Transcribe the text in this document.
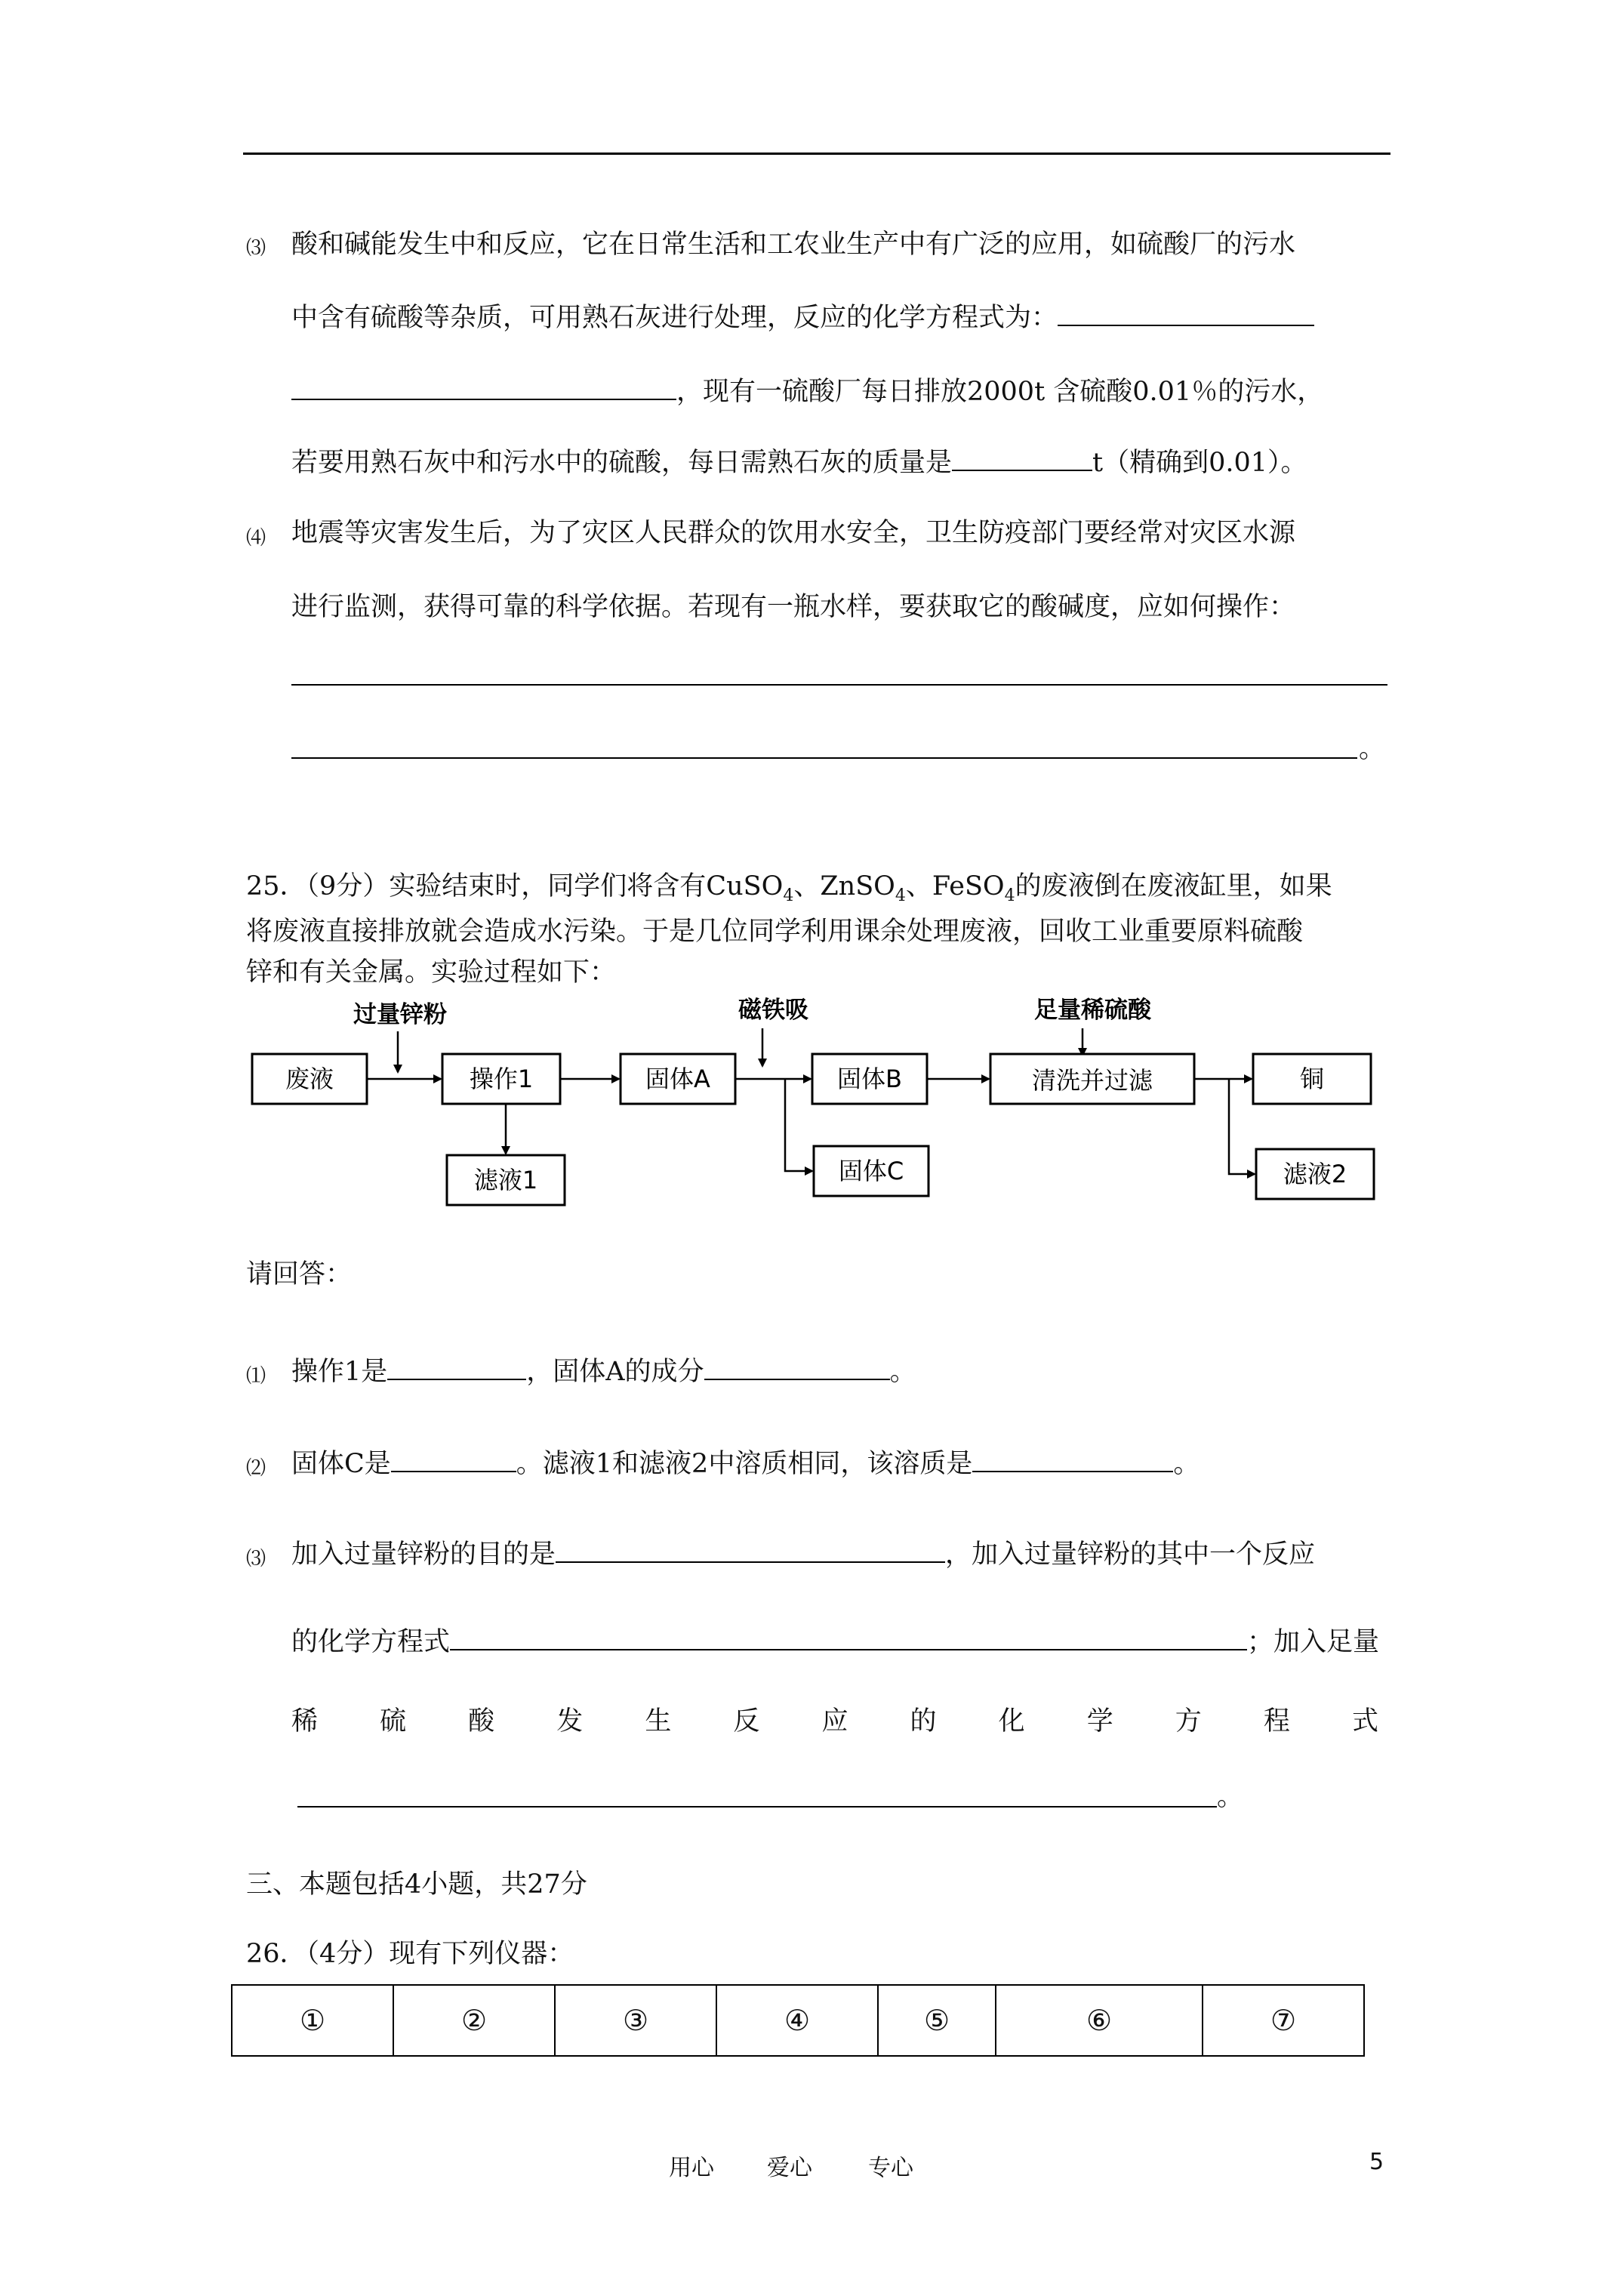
⑶ 酸和碱能发生中和反应，它在日常生活和工农业生产中有广泛的应用，如硫酸厂的污水
中含有硫酸等杂质，可用熟石灰进行处理，反应的化学方程式为：
，现有一硫酸厂每日排放2000t 含硫酸0.01％的污水，
若要用熟石灰中和污水中的硫酸，每日需熟石灰的质量是	t（精确到0.01）。
⑷ 地震等灾害发生后，为了灾区人民群众的饮用水安全，卫生防疫部门要经常对灾区水源
进行监测，获得可靠的科学依据。若现有一瓶水样，要获取它的酸碱度，应如何操作：
。
25．（9分）实验结束时，同学们将含有CuSO$_4$、ZnSO$_4$、FeSO$_4$的废液倒在废液缸里，如果
将废液直接排放就会造成水污染。于是几位同学利用课余处理废液，回收工业重要原料硫酸
锌和有关金属。实验过程如下：
过量锌粉	磁铁吸	足量稀硫酸
废液	操作1	固体A	固体B	清洗并过滤	铜
滤液1	固体C	滤液2
请回答：
⑴ 操作1是	，固体A的成分	。
⑵ 固体C是	。滤液1和滤液2中溶质相同，该溶质是	。
⑶ 加入过量锌粉的目的是	，加入过量锌粉的其中一个反应
的化学方程式	；加入足量
稀 硫 酸 发 生 反 应 的 化 学 方 程 式
。
三、本题包括4小题，共27分
26．（4分）现有下列仪器：
①	②	③	④	⑤	⑥	⑦
用心 爱心 专心	5
